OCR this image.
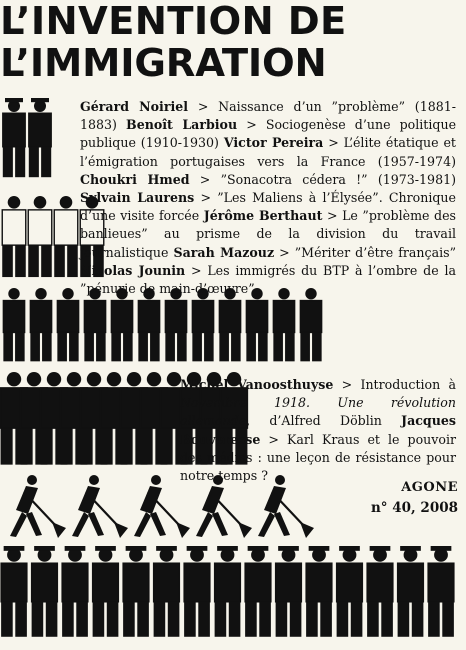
L’INVENTION DE
L’IMMIGRATION
Gérard Noiriel > Naissance d’un ”problème” (1881-1883) Benoît Larbiou > Sociogenèse d’une politique publique (1910-1930) Victor Pereira > L’élite étatique et l’émigration portugaises vers la France (1957-1974) Choukri Hmed > ”Sonacotra cédera !” (1973-1981) Sylvain Laurens > ”Les Maliens à l’Élysée”. Chronique d’une visite forcée Jérôme Berthaut > Le ”problème des banlieues” au prisme de la division du travail journalistique Sarah Mazouz > ”Mériter d’être français” Nicolas Jounin > Les immigrés du BTP à l’ombre de la ”pénurie de main-d’œuvre”
Michel Vanoosthuyse > Introduction à Novembre 1918. Une révolution allemande, d’Alfred Döblin Jacques Bouveresse > Karl Kraus et le pouvoir des médias : une leçon de résistance pour notre temps ?
AGONE
n° 40, 2008
